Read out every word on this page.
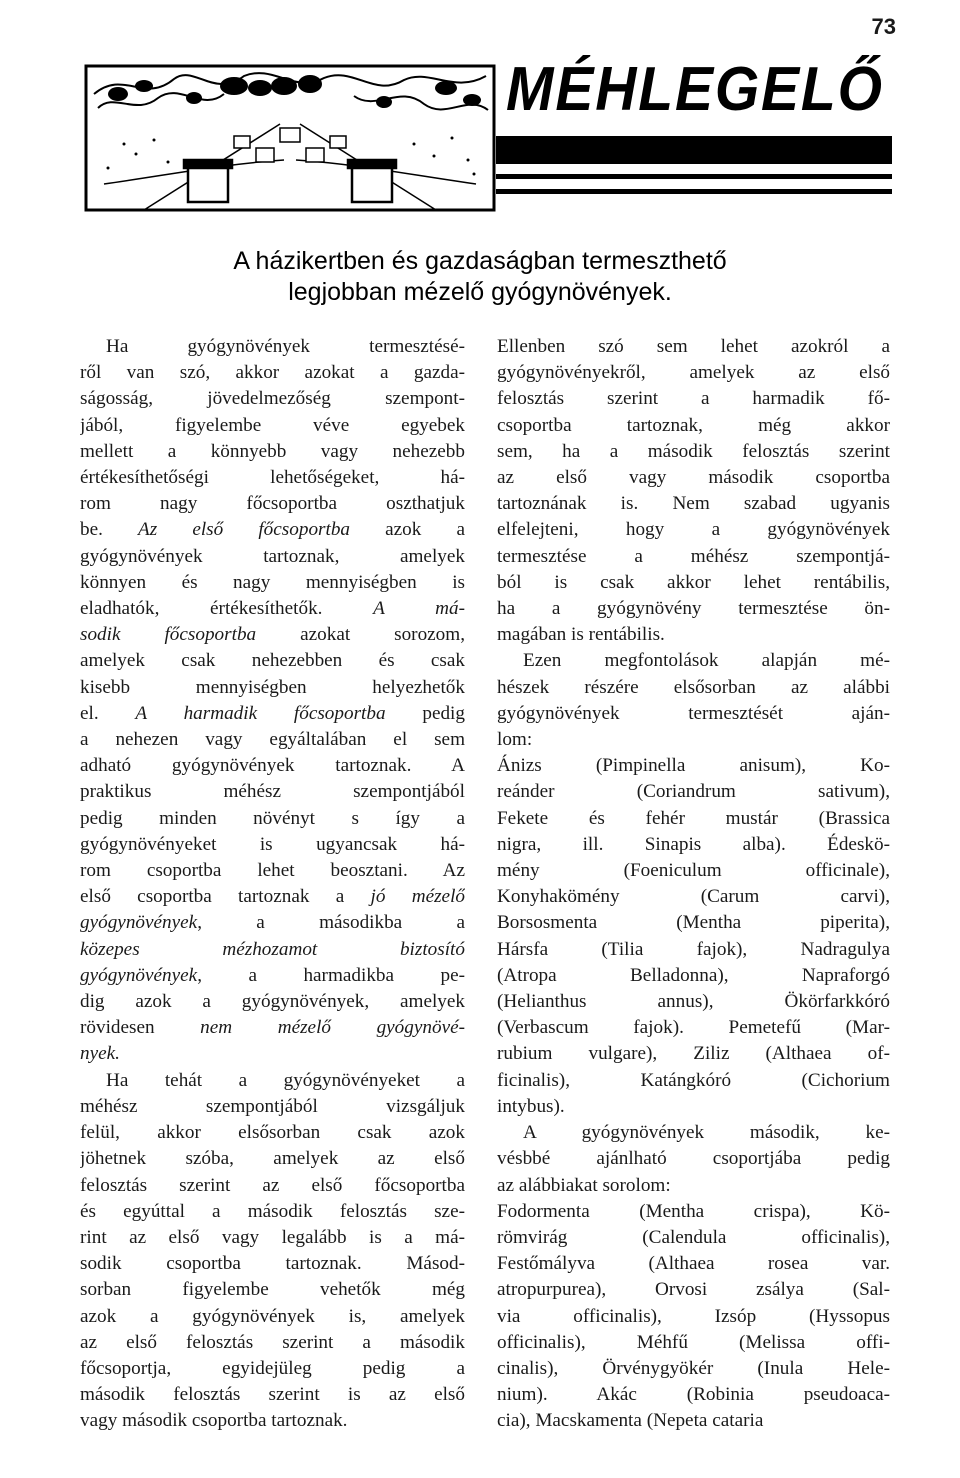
73
MÉHLEGELŐ
A házikertben és gazdaságban termeszthető
legjobban mézelő gyógynövények.
Ha gyógynövények termesztésé-
ről van szó, akkor azokat a gazda-
ságosság, jövedelmezőség szempont-
jából, figyelembe véve egyebek
mellett a könnyebb vagy nehezebb
értékesíthetőségi lehetőségeket, há-
rom nagy főcsoportba oszthatjuk
be. Az első főcsoportba azok a
gyógynövények tartoznak, amelyek
könnyen és nagy mennyiségben is
eladhatók, értékesíthetők. A má-
sodik főcsoportba azokat sorozom,
amelyek csak nehezebben és csak
kisebb mennyiségben helyezhetők
el. A harmadik főcsoportba pedig
a nehezen vagy egyáltalában el sem
adható gyógynövények tartoznak. A
praktikus méhész szempontjából
pedig minden növényt s így a
gyógynövényeket is ugyancsak há-
rom csoportba lehet beosztani. Az
első csoportba tartoznak a jó mézelő
gyógynövények, a másodikba a
közepes mézhozamot biztosító
gyógynövények, a harmadikba pe-
dig azok a gyógynövények, amelyek
rövidesen nem mézelő gyógynövé-
nyek.
Ha tehát a gyógynövényeket a
méhész szempontjából vizsgáljuk
felül, akkor elsősorban csak azok
jöhetnek szóba, amelyek az első
felosztás szerint az első főcsoportba
és egyúttal a második felosztás sze-
rint az első vagy legalább is a má-
sodik csoportba tartoznak. Másod-
sorban figyelembe vehetők még
azok a gyógynövények is, amelyek
az első felosztás szerint a második
főcsoportja, egyidejüleg pedig a
második felosztás szerint is az első
vagy második csoportba tartoznak.
Ellenben szó sem lehet azokról a
gyógynövényekről, amelyek az első
felosztás szerint a harmadik fő-
csoportba tartoznak, még akkor
sem, ha a második felosztás szerint
az első vagy második csoportba
tartoznának is. Nem szabad ugyanis
elfelejteni, hogy a gyógynövények
termesztése a méhész szempontjá-
ból is csak akkor lehet rentábilis,
ha a gyógynövény termesztése ön-
magában is rentábilis.
Ezen megfontolások alapján mé-
hészek részére elsősorban az alábbi
gyógynövények termesztését aján-
lom:
Ánizs (Pimpinella anisum), Ko-
reánder (Coriandrum sativum),
Fekete és fehér mustár (Brassica
nigra, ill. Sinapis alba). Édeskö-
mény (Foeniculum officinale),
Konyhakömény (Carum carvi),
Borsosmenta (Mentha piperita),
Hársfa (Tilia fajok), Nadragulya
(Atropa Belladonna), Napraforgó
(Helianthus annus), Ökörfarkkóró
(Verbascum fajok). Pemetefű (Mar-
rubium vulgare), Ziliz (Althaea of-
ficinalis), Katángkóró (Cichorium
intybus).
A gyógynövények második, ke-
vésbbé ajánlható csoportjába pedig
az alábbiakat sorolom:
Fodormenta (Mentha crispa), Kö-
römvirág (Calendula officinalis),
Festőmályva (Althaea rosea var.
atropurpurea), Orvosi zsálya (Sal-
via officinalis), Izsóp (Hyssopus
officinalis), Méhfű (Melissa offi-
cinalis), Örvénygyökér (Inula Hele-
nium). Akác (Robinia pseudoaca-
cia), Macskamenta (Nepeta cataria
